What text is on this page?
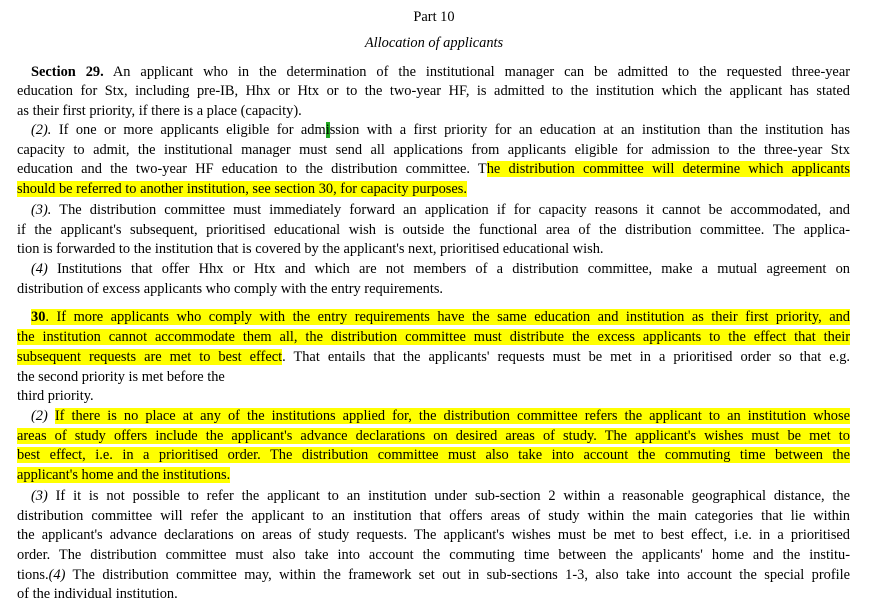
Part 10
Allocation of applicants
Section 29. An applicant who in the determination of the institutional manager can be admitted to the requested three-year
education for Stx, including pre-IB, Hhx or Htx or to the two-year HF, is admitted to the institution which the applicant has stated
as their first priority, if there is a place (capacity).
(2). If one or more applicants eligible for admission with a first priority for an education at an institution than the institution has
capacity to admit, the institutional manager must send all applications from applicants eligible for admission to the three-year Stx
education and the two-year HF education to the distribution committee. The distribution committee will determine which applicants
should be referred to another institution, see section 30, for capacity purposes.
(3). The distribution committee must immediately forward an application if for capacity reasons it cannot be accommodated, and
if the applicant's subsequent, prioritised educational wish is outside the functional area of the distribution committee. The applica-
tion is forwarded to the institution that is covered by the applicant's next, prioritised educational wish.
(4) Institutions that offer Hhx or Htx and which are not members of a distribution committee, make a mutual agreement on
distribution of excess applicants who comply with the entry requirements.
30. If more applicants who comply with the entry requirements have the same education and institution as their first priority, and
the institution cannot accommodate them all, the distribution committee must distribute the excess applicants to the effect that their
subsequent requests are met to best effect. That entails that the applicants' requests must be met in a prioritised order so that e.g.
the second priority is met before the
third priority.
(2) If there is no place at any of the institutions applied for, the distribution committee refers the applicant to an institution whose
areas of study offers include the applicant's advance declarations on desired areas of study. The applicant's wishes must be met to
best effect, i.e. in a prioritised order. The distribution committee must also take into account the commuting time between the
applicant's home and the institutions.
(3) If it is not possible to refer the applicant to an institution under sub-section 2 within a reasonable geographical distance, the
distribution committee will refer the applicant to an institution that offers areas of study within the main categories that lie within
the applicant's advance declarations on areas of study requests. The applicant's wishes must be met to best effect, i.e. in a prioritised
order. The distribution committee must also take into account the commuting time between the applicants' home and the institu-
tions.(4) The distribution committee may, within the framework set out in sub-sections 1-3, also take into account the special profile
of the individual institution.
